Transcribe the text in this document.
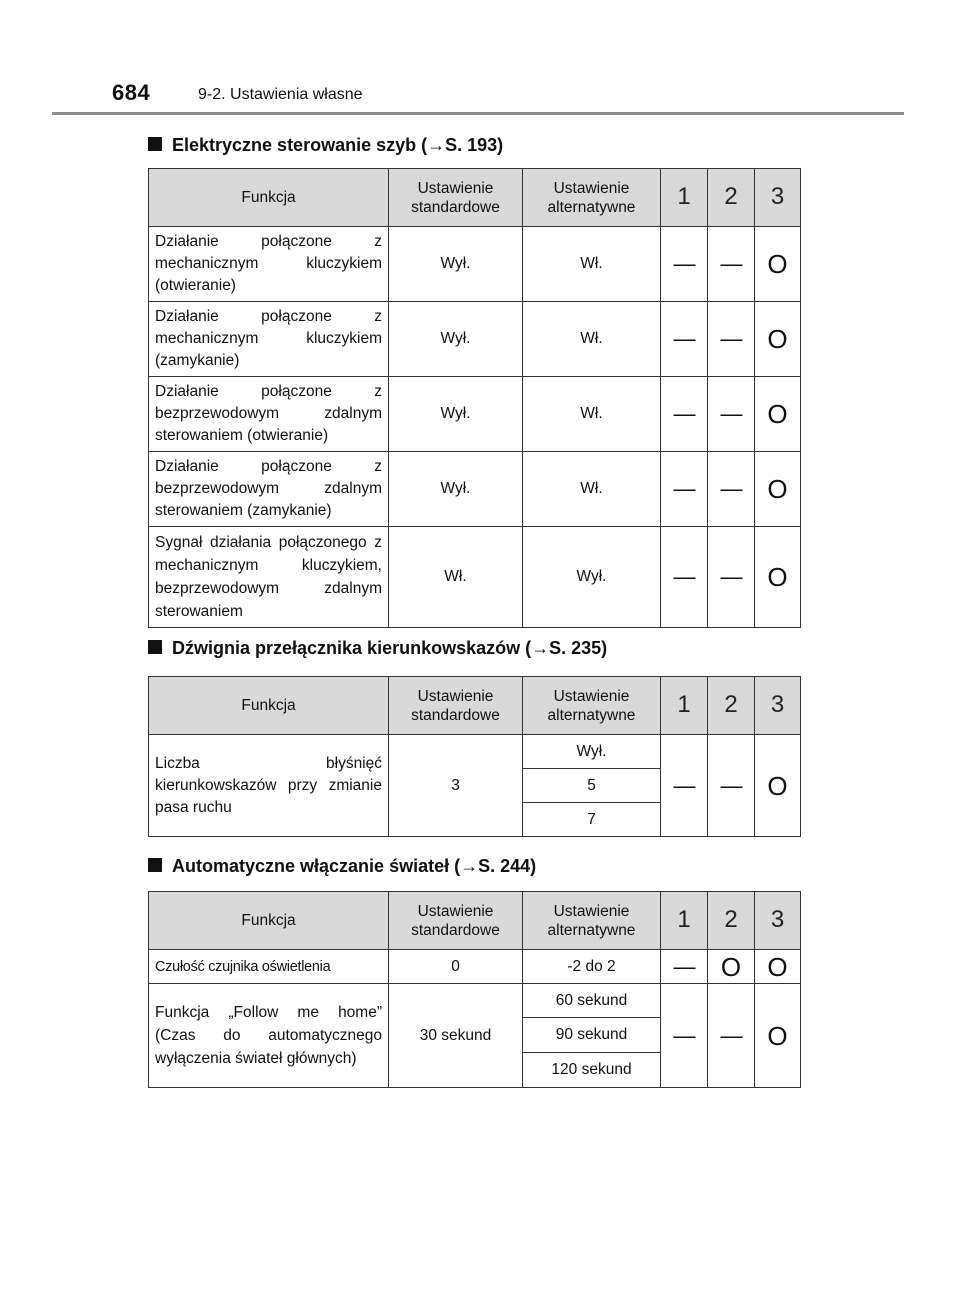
684	9-2. Ustawienia własne
Elektryczne sterowanie szyb (→S. 193)
Funkcja	Ustawienie standardowe	Ustawienie alternatywne	1	2	3
Działanie połączone z mechanicznym kluczykiem (otwieranie)	Wył.	Wł.	—	—	O
Działanie połączone z mechanicznym kluczykiem (zamykanie)	Wył.	Wł.	—	—	O
Działanie połączone z bezprzewodowym zdalnym sterowaniem (otwieranie)	Wył.	Wł.	—	—	O
Działanie połączone z bezprzewodowym zdalnym sterowaniem (zamykanie)	Wył.	Wł.	—	—	O
Sygnał działania połączonego z mechanicznym kluczykiem, bezprzewodowym zdalnym sterowaniem	Wł.	Wył.	—	—	O
Dźwignia przełącznika kierunkowskazów (→S. 235)
Funkcja	Ustawienie standardowe	Ustawienie alternatywne	1	2	3
Liczba błyśnięć kierunkowskazów przy zmianie pasa ruchu	3	Wył.	—	—	O
		5			
		7			
Automatyczne włączanie świateł (→S. 244)
Funkcja	Ustawienie standardowe	Ustawienie alternatywne	1	2	3
Czułość czujnika oświetlenia	0	-2 do 2	—	O	O
Funkcja „Follow me home” (Czas do automatycznego wyłączenia świateł głównych)	30 sekund	60 sekund	—	—	O
		90 sekund			
		120 sekund			
